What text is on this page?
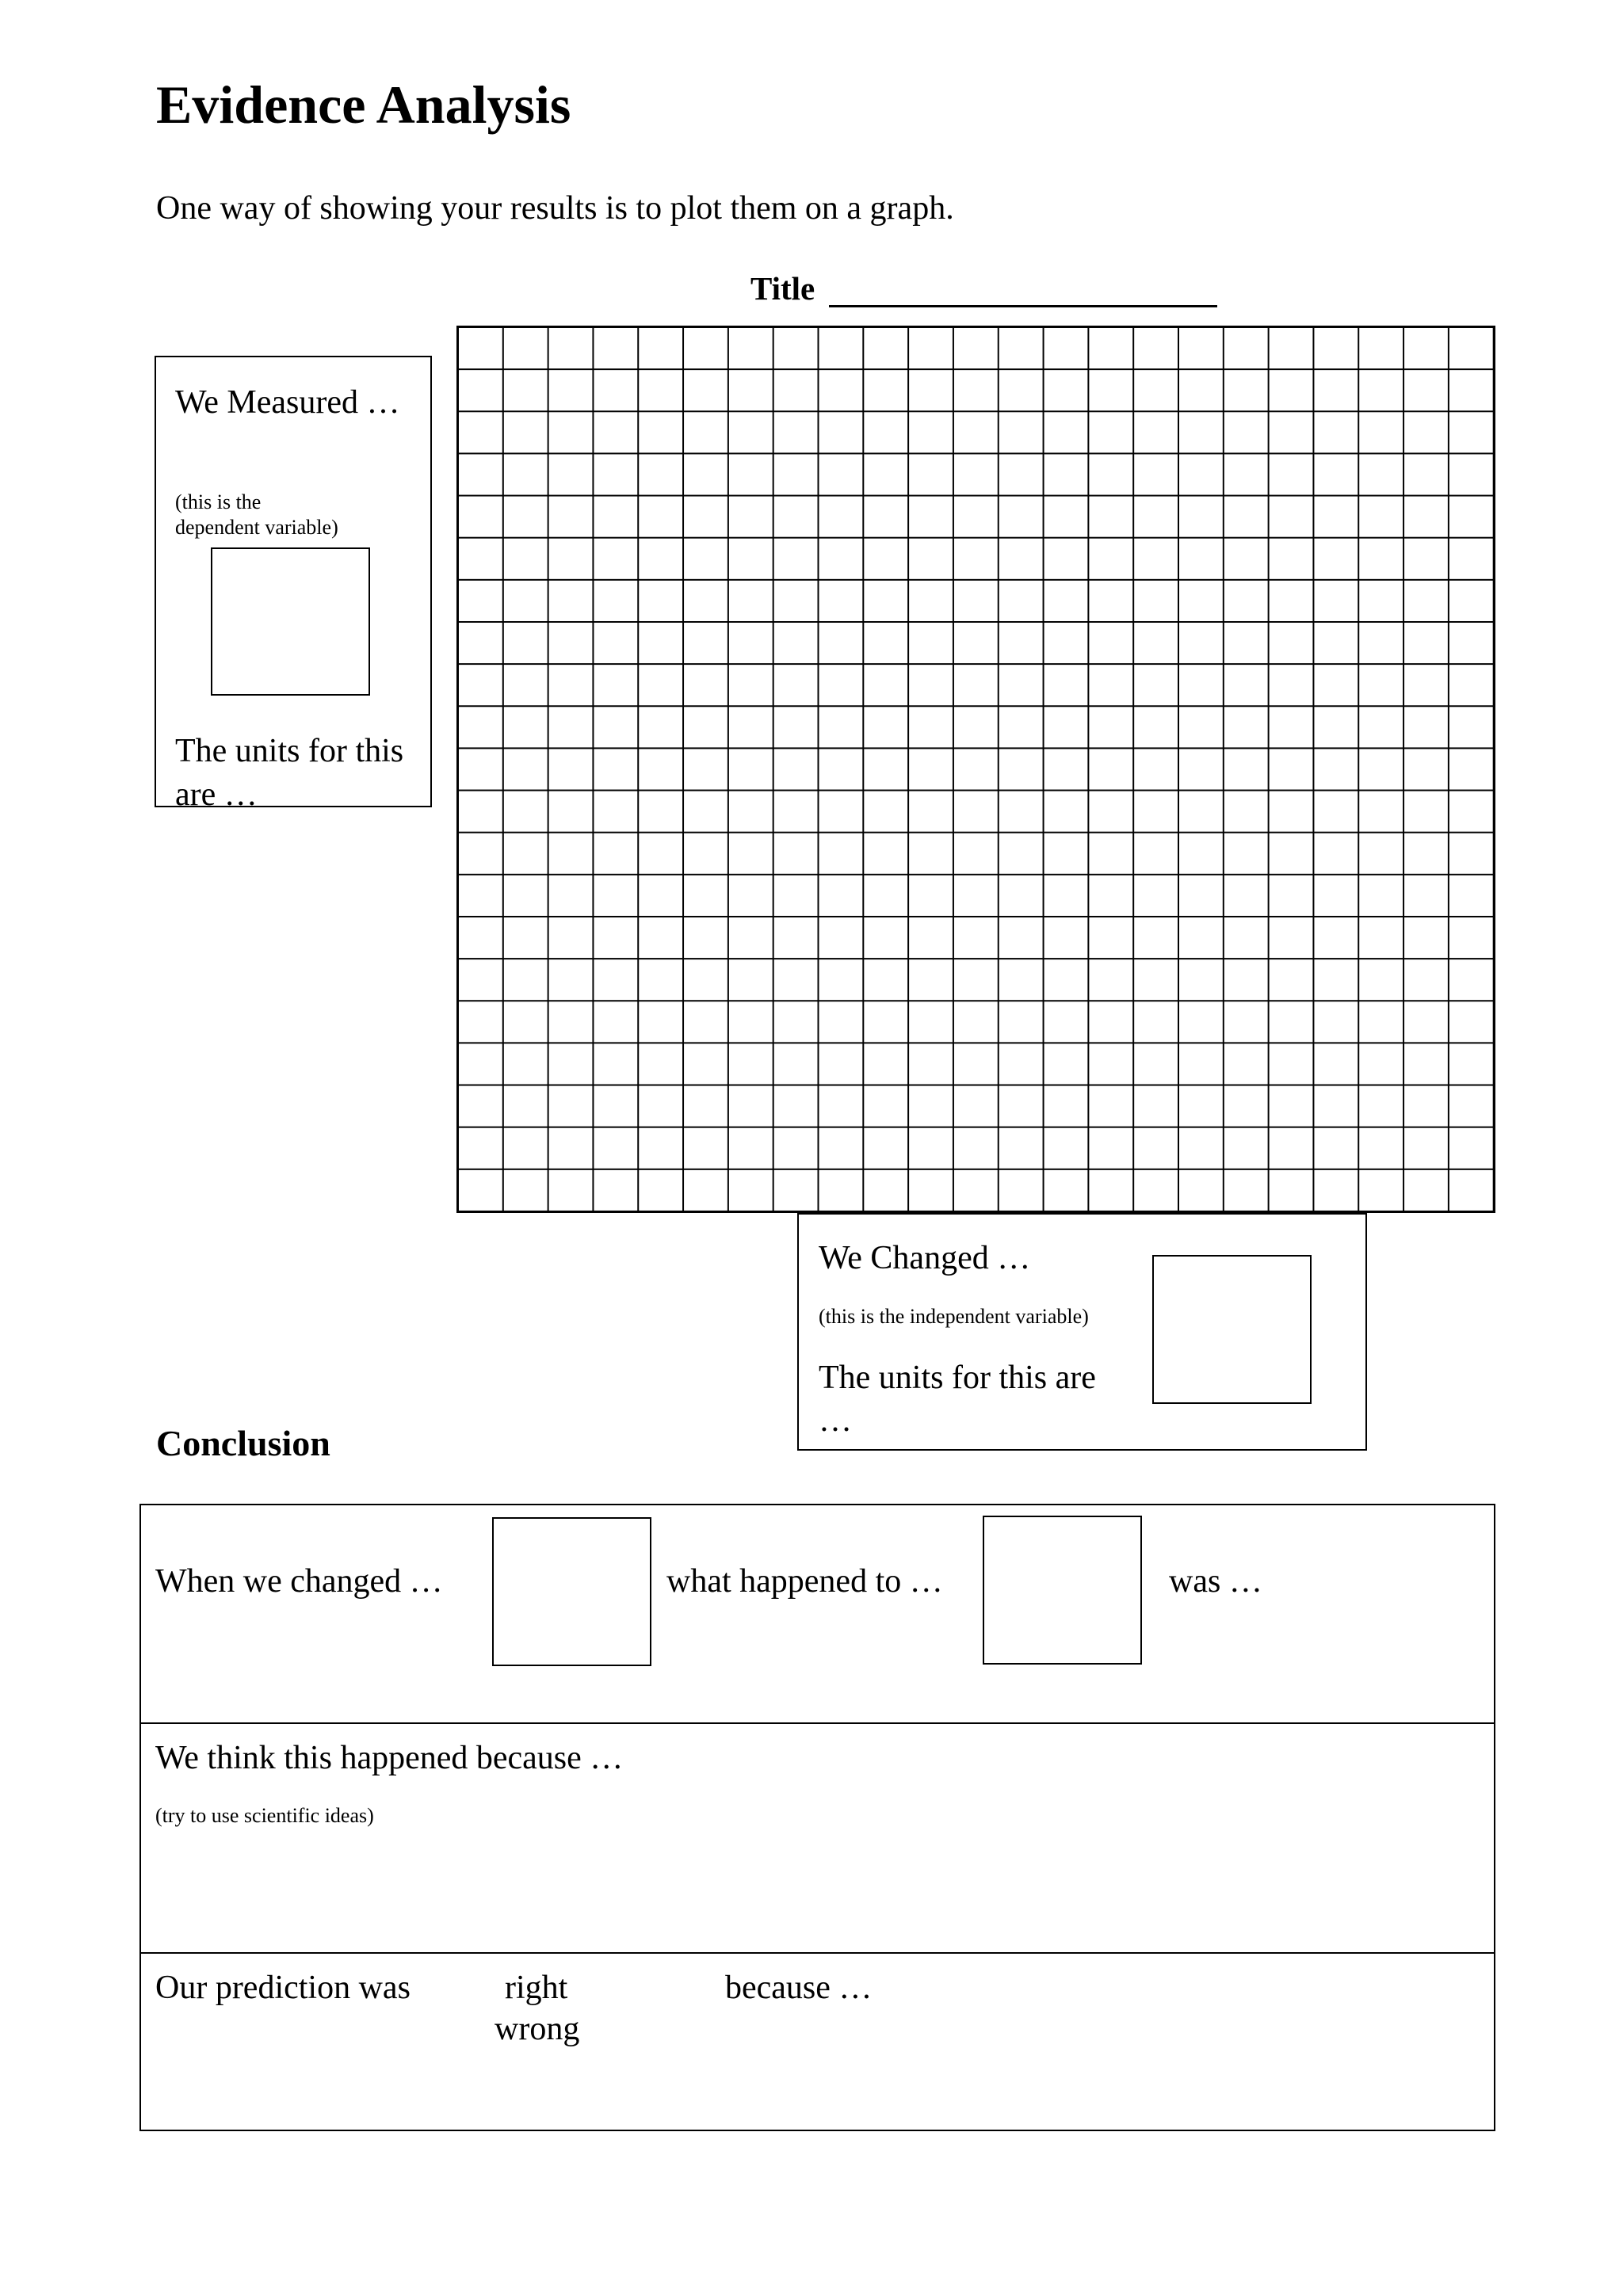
Evidence Analysis
One way of showing your results is to plot them on a graph.
Title
We Measured …
(this is the
dependent variable)
The units for this are …
We Changed …
(this is the independent variable)
The units for this are …
Conclusion
When we changed …	what happened to …	was …
We think this happened because …
(try to use scientific ideas)
Our prediction was	right
wrong
because …
